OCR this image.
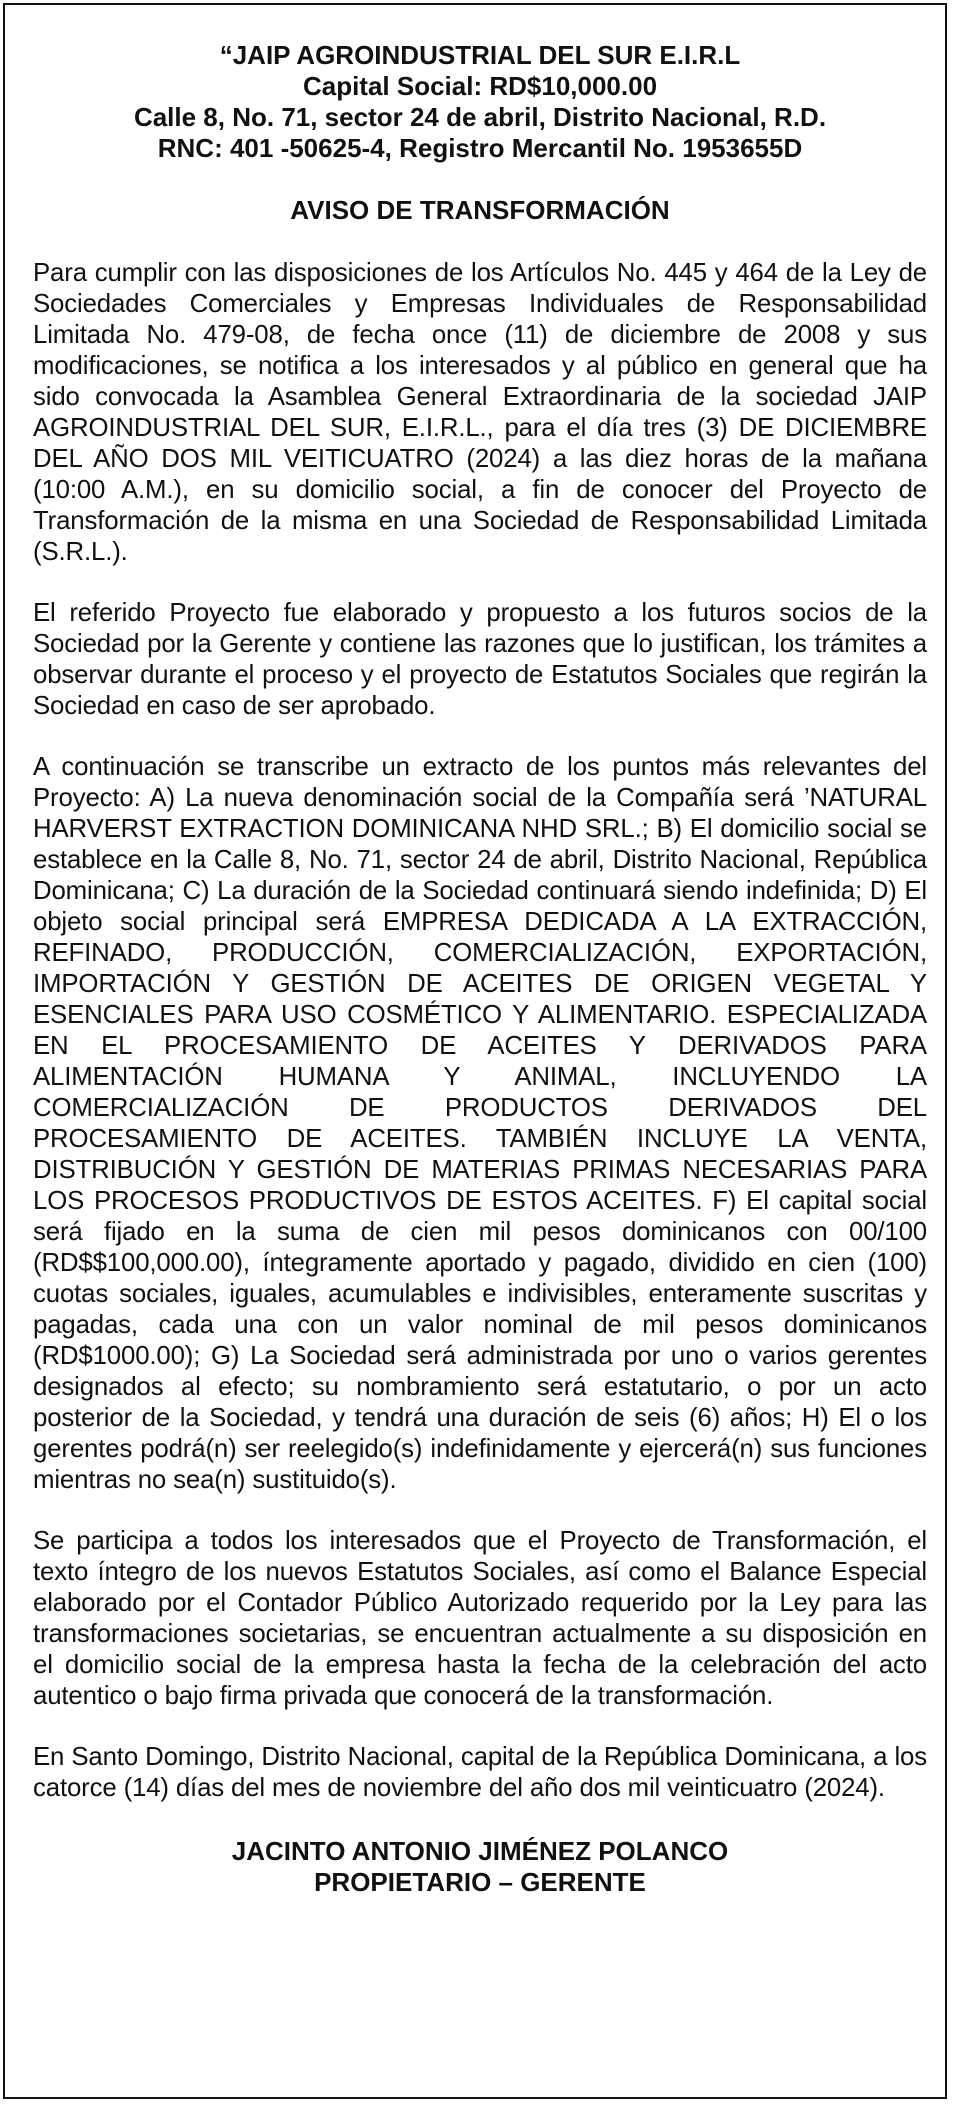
“JAIP AGROINDUSTRIAL DEL SUR E.I.R.L

Capital Social: RD$10,000.00

Calle 8, No. 71, sector 24 de abril, Distrito Nacional, R.D.

RNC: 401 -50625-4, Registro Mercantil No. 1953655D

AVISO DE TRANSFORMACIÓN

Para cumplir con las disposiciones de los Artículos No. 445 y 464 de la Ley de Sociedades Comerciales y Empresas Individuales de Responsabilidad Limitada No. 479-08, de fecha once (11) de diciembre de 2008 y sus modificaciones, se notifica a los interesados y al público en general que ha sido convocada la Asamblea General Extraordinaria de la sociedad JAIP AGROINDUSTRIAL DEL SUR, E.I.R.L., para el día tres (3) DE DICIEMBRE DEL AÑO DOS MIL VEITICUATRO (2024) a las diez horas de la mañana (10:00 A.M.), en su domicilio social, a fin de conocer del Proyecto de Transformación de la misma en una Sociedad de Responsabilidad Limitada (S.R.L.).

El referido Proyecto fue elaborado y propuesto a los futuros socios de la Sociedad por la Gerente y contiene las razones que lo justifican, los trámites a observar durante el proceso y el proyecto de Estatutos Sociales que regirán la Sociedad en caso de ser aprobado.

A continuación se transcribe un extracto de los puntos más relevantes del Proyecto: A) La nueva denominación social de la Compañía será ’NATURAL HARVERST EXTRACTION DOMINICANA NHD SRL.; B) El domicilio social se establece en la Calle 8, No. 71, sector 24 de abril, Distrito Nacional, República Dominicana; C) La duración de la Sociedad continuará siendo indefinida; D) El objeto social principal será EMPRESA DEDICADA A LA EXTRACCIÓN, REFINADO, PRODUCCIÓN, COMERCIALIZACIÓN, EXPORTACIÓN, IMPORTACIÓN Y GESTIÓN DE ACEITES DE ORIGEN VEGETAL Y ESENCIALES PARA USO COSMÉTICO Y ALIMENTARIO. ESPECIALIZADA EN EL PROCESAMIENTO DE ACEITES Y DERIVADOS PARA ALIMENTACIÓN HUMANA Y ANIMAL, INCLUYENDO LA COMERCIALIZACIÓN DE PRODUCTOS DERIVADOS DEL PROCESAMIENTO DE ACEITES. TAMBIÉN INCLUYE LA VENTA, DISTRIBUCIÓN Y GESTIÓN DE MATERIAS PRIMAS NECESARIAS PARA LOS PROCESOS PRODUCTIVOS DE ESTOS ACEITES. F) El capital social será fijado en la suma de cien mil pesos dominicanos con 00/100 (RD$$100,000.00), íntegramente aportado y pagado, dividido en cien (100) cuotas sociales, iguales, acumulables e indivisibles, enteramente suscritas y pagadas, cada una con un valor nominal de mil pesos dominicanos (RD$1000.00); G) La Sociedad será administrada por uno o varios gerentes designados al efecto; su nombramiento será estatutario, o por un acto posterior de la Sociedad, y tendrá una duración de seis (6) años; H) El o los gerentes podrá(n) ser reelegido(s) indefinidamente y ejercerá(n) sus funciones mientras no sea(n) sustituido(s).

Se participa a todos los interesados que el Proyecto de Transformación, el texto íntegro de los nuevos Estatutos Sociales, así como el Balance Especial elaborado por el Contador Público Autorizado requerido por la Ley para las transformaciones societarias, se encuentran actualmente a su disposición en el domicilio social de la empresa hasta la fecha de la celebración del acto autentico o bajo firma privada que conocerá de la transformación.

En Santo Domingo, Distrito Nacional, capital de la República Dominicana, a los catorce (14) días del mes de noviembre del año dos mil veinticuatro (2024).

JACINTO ANTONIO JIMÉNEZ POLANCO

PROPIETARIO – GERENTE
